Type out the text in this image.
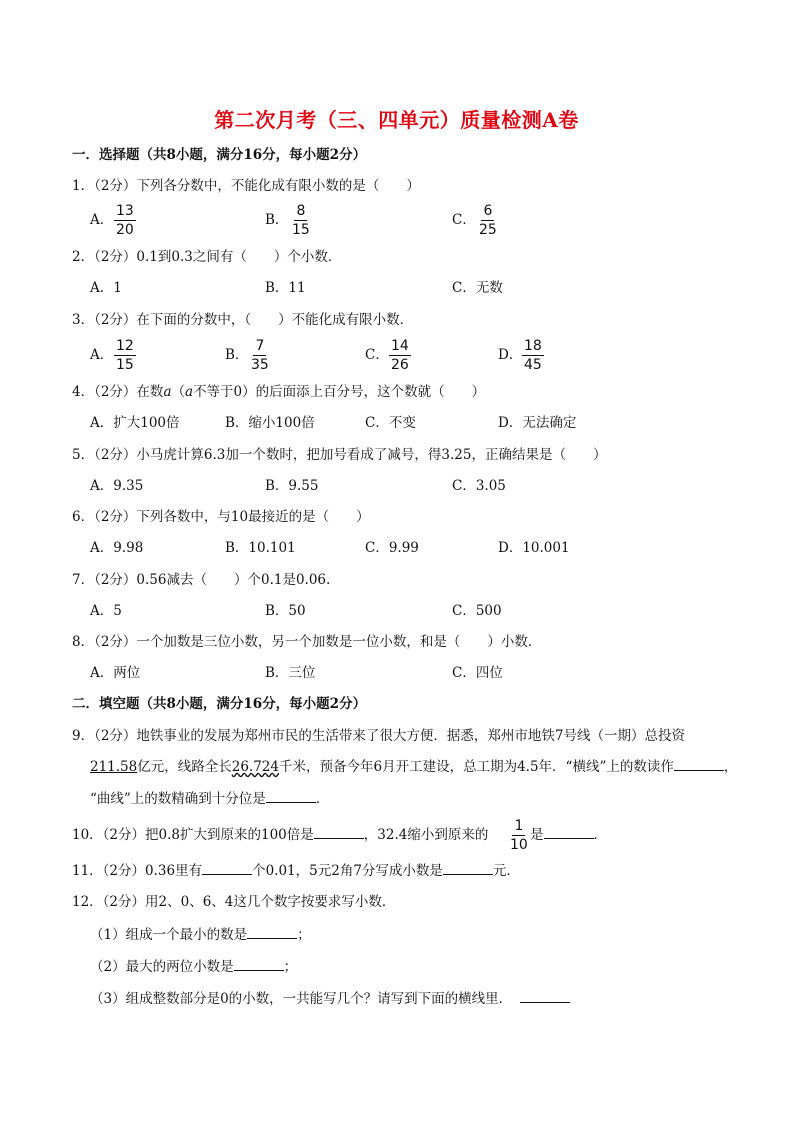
第二次月考（三、四单元）质量检测A卷
一．选择题（共8小题，满分16分，每小题2分）
1．（2分）下列各分数中，不能化成有限小数的是（　　）
A． $\frac{13}{20}$	B． $\frac{8}{15}$	C． $\frac{6}{25}$
2．（2分）0.1到0.3之间有（　　）个小数．
A．1	B．11	C．无数
3．（2分）在下面的分数中，（　　）不能化成有限小数．
A． $\frac{12}{15}$	B． $\frac{7}{35}$	C． $\frac{14}{26}$	D． $\frac{18}{45}$
4．（2分）在数a（a不等于0）的后面添上百分号，这个数就（　　）
A．扩大100倍	B．缩小100倍	C．不变	D．无法确定
5．（2分）小马虎计算6.3加一个数时，把加号看成了减号，得3.25，正确结果是（　　）
A．9.35	B．9.55	C．3.05
6．（2分）下列各数中，与10最接近的是（　　）
A．9.98	B．10.101	C．9.99	D．10.001
7．（2分）0.56减去（　　）个0.1是0.06.
A．5	B．50	C．500
8．（2分）一个加数是三位小数，另一个加数是一位小数，和是（　　）小数．
A．两位	B．三位	C．四位
二．填空题（共8小题，满分16分，每小题2分）
9．（2分）地铁事业的发展为郑州市民的生活带来了很大方便．据悉，郑州市地铁7号线（一期）总投资
211.58亿元，线路全长26.724千米，预备今年6月开工建设，总工期为4.5年．“横线”上的数读作	，
“曲线”上的数精确到十分位是	．
10．（2分）把0.8扩大到原来的100倍是	，32.4缩小到原来的 $\frac{1}{10}$ 是	．
11．（2分）0.36里有	个0.01，5元2角7分写成小数是	元．
12．（2分）用2、0、6、4这几个数字按要求写小数．
（1）组成一个最小的数是	；
（2）最大的两位小数是	；
（3）组成整数部分是0的小数，一共能写几个？请写到下面的横线里．
